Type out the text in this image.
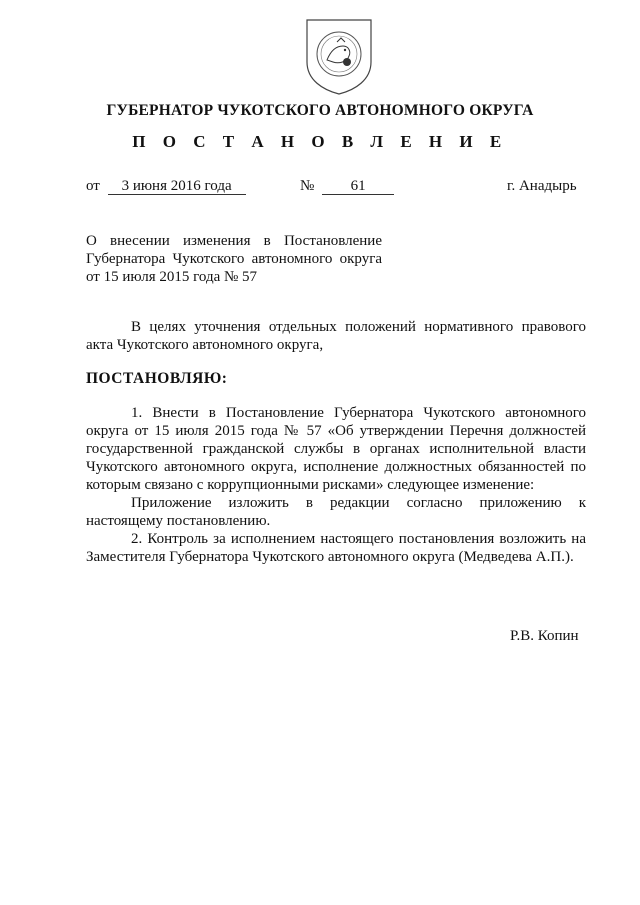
ГУБЕРНАТОР ЧУКОТСКОГО АВТОНОМНОГО ОКРУГА
П О С Т А Н О В Л Е Н И Е
от 3 июня 2016 года	№ 61	г. Анадырь
О внесении изменения в Постановление
Губернатора Чукотского автономного округа
от 15 июля 2015 года № 57
В целях уточнения отдельных положений нормативного правового акта Чукотского автономного округа,
ПОСТАНОВЛЯЮ:
1. Внести в Постановление Губернатора Чукотского автономного округа от 15 июля 2015 года № 57 «Об утверждении Перечня должностей государственной гражданской службы в органах исполнительной власти Чукотского автономного округа, исполнение должностных обязанностей по которым связано с коррупционными рисками» следующее изменение:
Приложение изложить в редакции согласно приложению к настоящему постановлению.
2. Контроль за исполнением настоящего постановления возложить на Заместителя Губернатора Чукотского автономного округа (Медведева А.П.).
Р.В. Копин
